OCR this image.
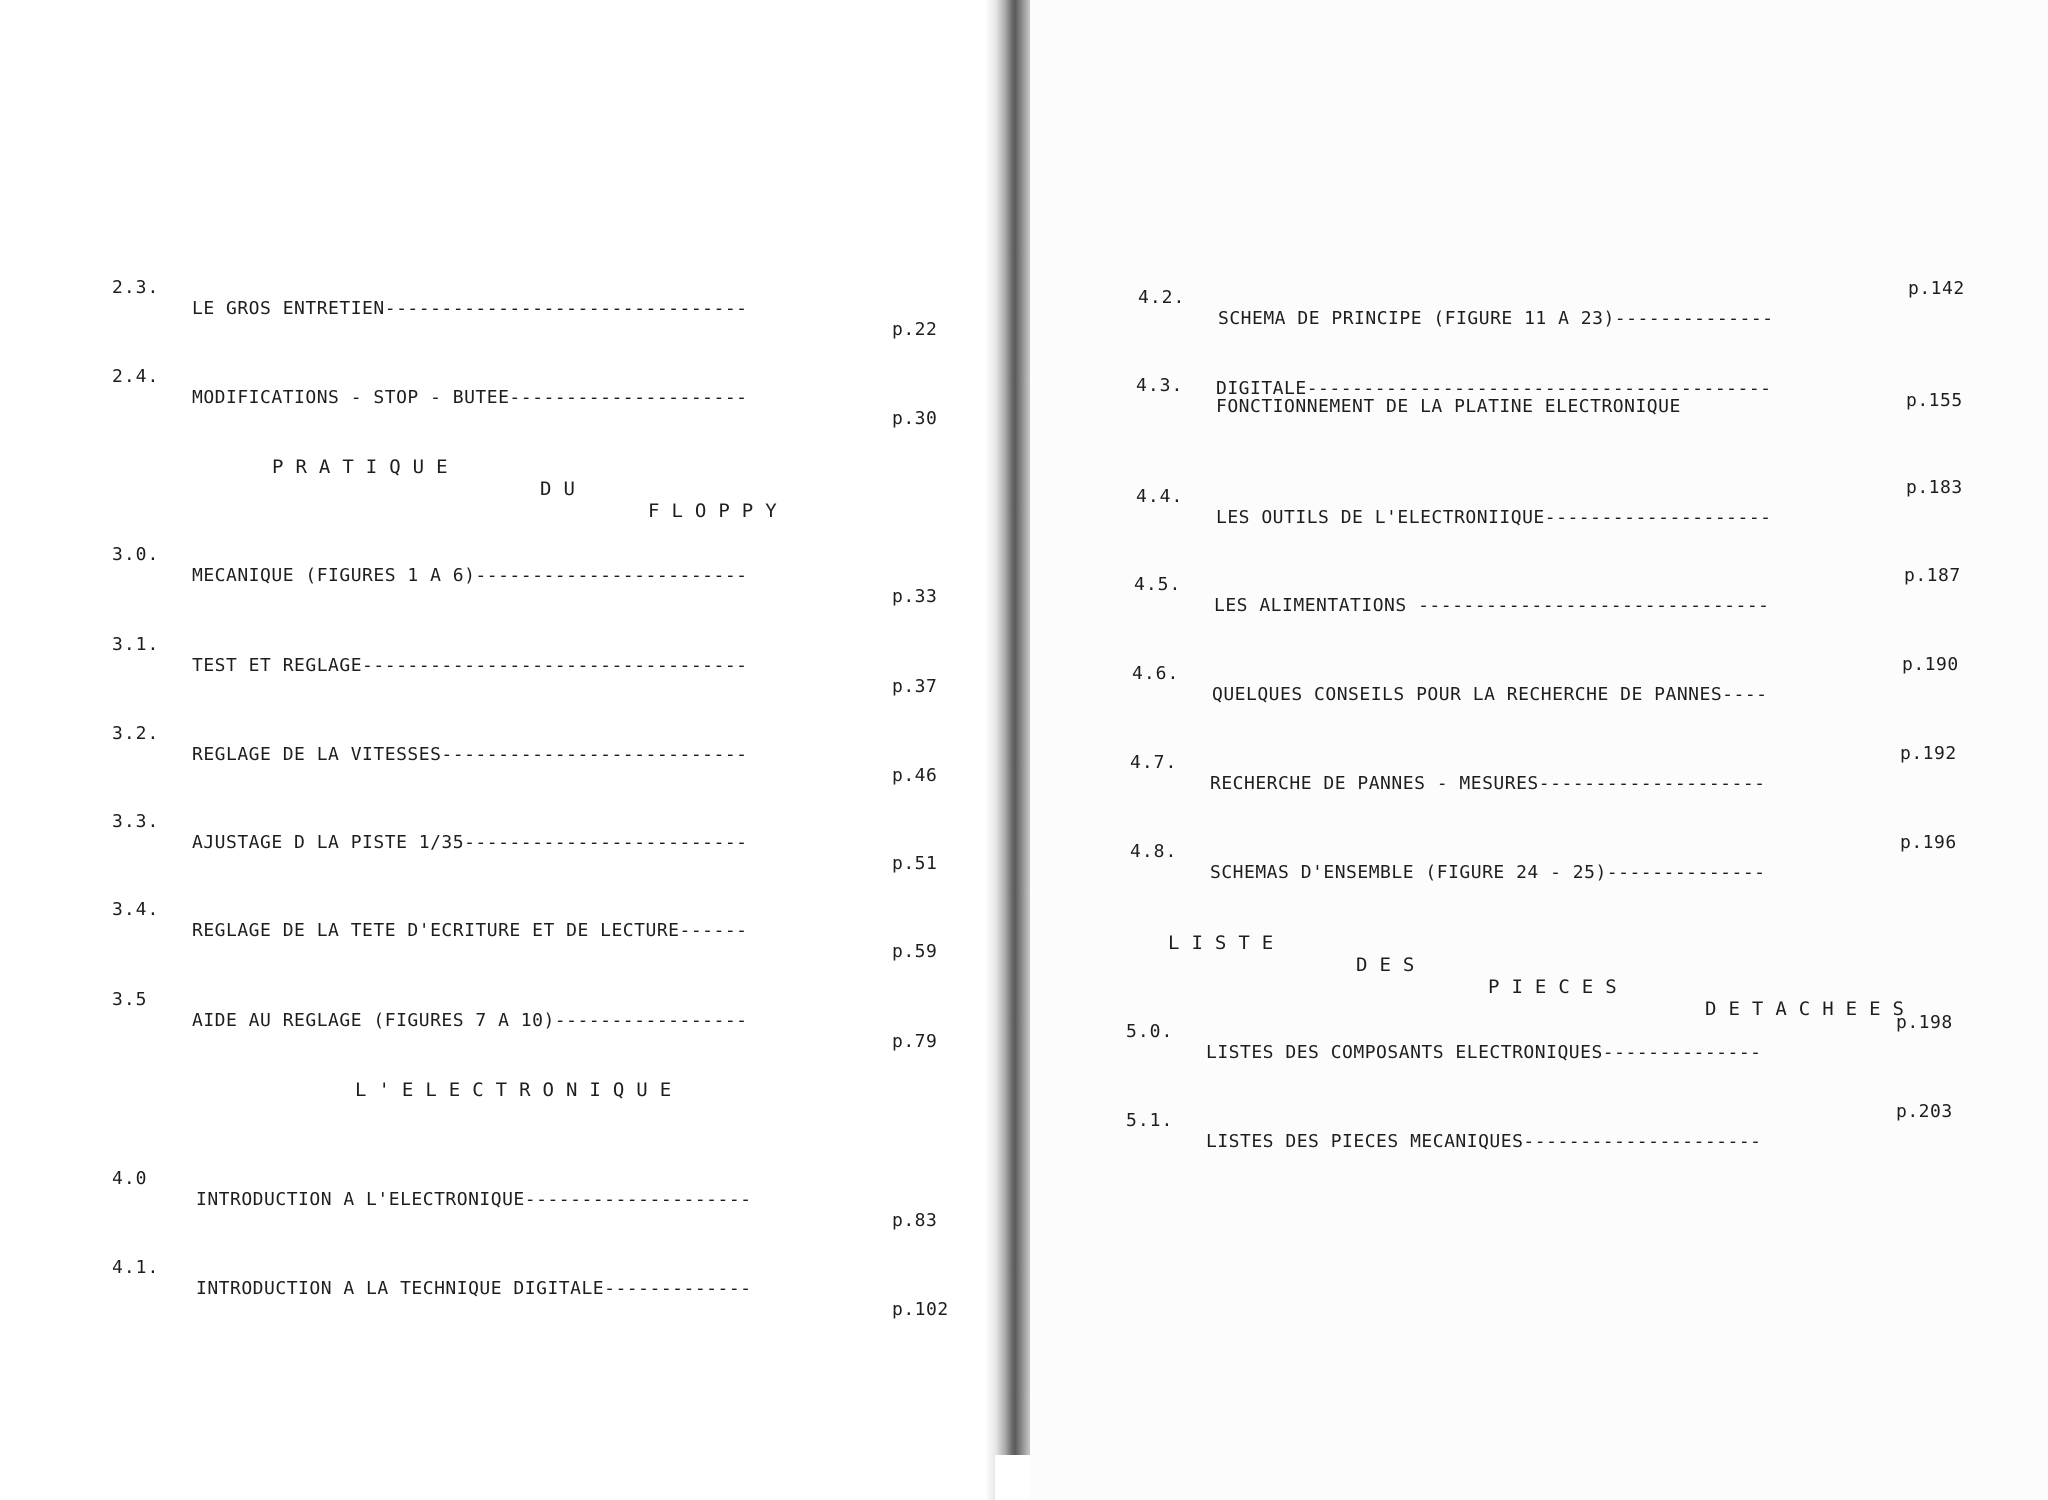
2.3.

LE GROS ENTRETIEN--------------------------------

p.22

2.4.

MODIFICATIONS - STOP - BUTEE---------------------

p.30

PRATIQUE

DU

FLOPPY

3.0.

MECANIQUE (FIGURES 1 A 6)------------------------

p.33

3.1.

TEST ET REGLAGE----------------------------------

p.37

3.2.

REGLAGE DE LA VITESSES---------------------------

p.46

3.3.

AJUSTAGE D LA PISTE 1/35-------------------------

p.51

3.4.

REGLAGE DE LA TETE D'ECRITURE ET DE LECTURE------

p.59

3.5

AIDE AU REGLAGE (FIGURES 7 A 10)-----------------

p.79

L'ELECTRONIQUE

4.0

INTRODUCTION A L'ELECTRONIQUE--------------------

p.83

4.1.

INTRODUCTION A LA TECHNIQUE DIGITALE-------------

p.102

4.2.

SCHEMA DE PRINCIPE (FIGURE 11 A 23)--------------

p.142

4.3.

FONCTIONNEMENT DE LA PLATINE ELECTRONIQUE

DIGITALE-----------------------------------------

p.155

4.4.

LES OUTILS DE L'ELECTRONIIQUE--------------------

p.183

4.5.

LES ALIMENTATIONS -------------------------------

p.187

4.6.

QUELQUES CONSEILS POUR LA RECHERCHE DE PANNES----

p.190

4.7.

RECHERCHE DE PANNES - MESURES--------------------

p.192

4.8.

SCHEMAS D'ENSEMBLE (FIGURE 24 - 25)--------------

p.196

LISTE

DES

PIECES

DETACHEES

5.0.

LISTES DES COMPOSANTS ELECTRONIQUES--------------

p.198

5.1.

LISTES DES PIECES MECANIQUES---------------------

p.203
